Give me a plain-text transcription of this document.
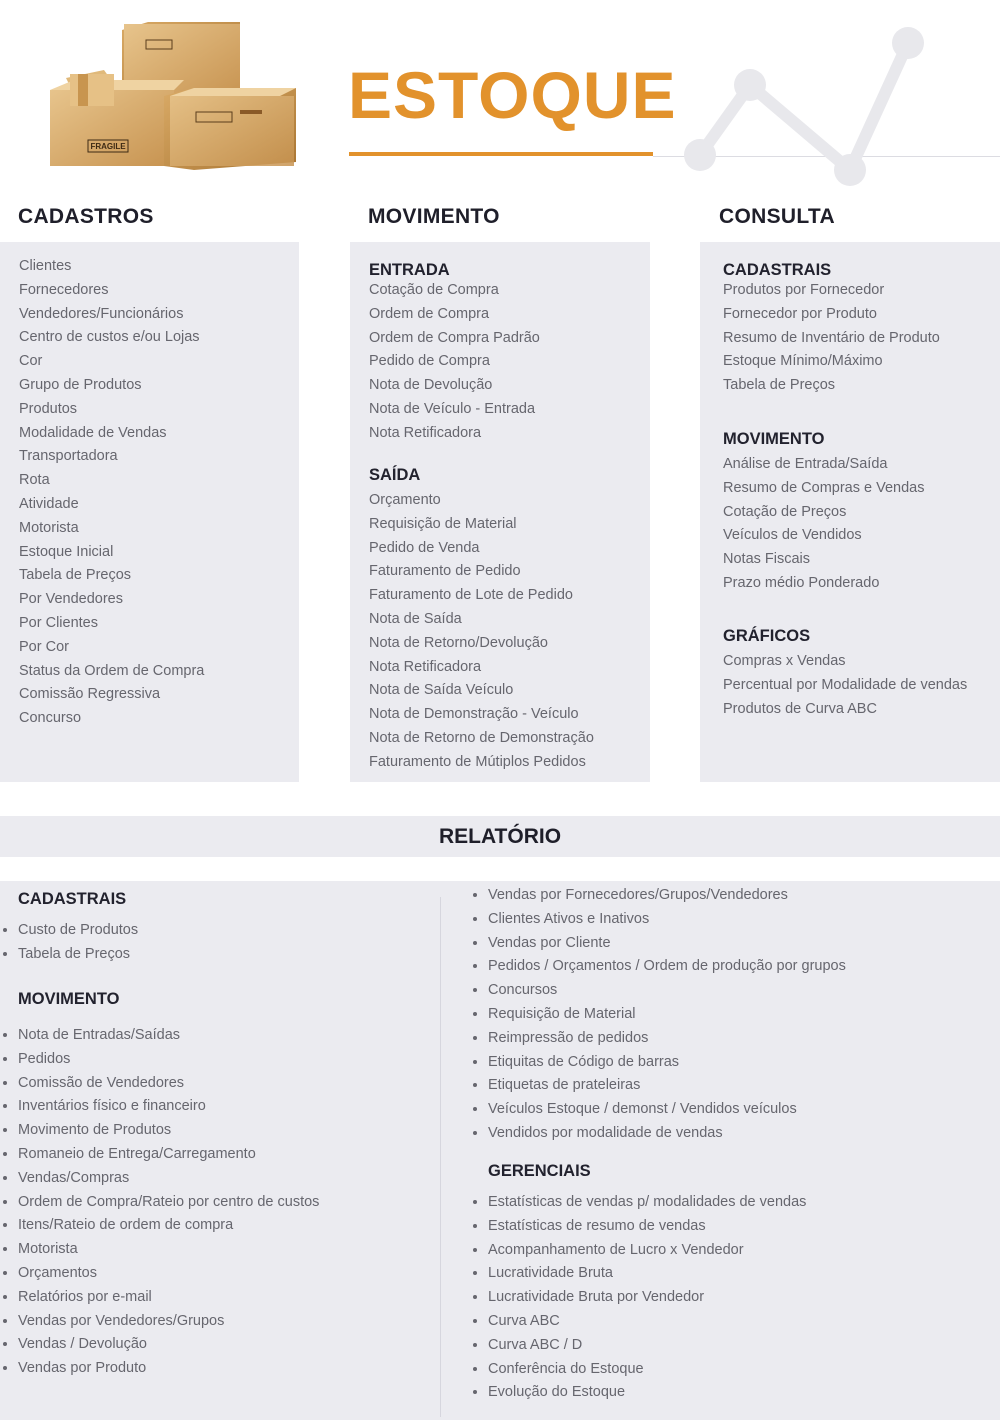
FRAGILE
ESTOQUE
CADASTROS	MOVIMENTO	CONSULTA
Clientes
Fornecedores
Vendedores/Funcionários
Centro de custos e/ou Lojas
Cor
Grupo de Produtos
Produtos
Modalidade de Vendas
Transportadora
Rota
Atividade
Motorista
Estoque Inicial
Tabela de Preços
Por Vendedores
Por Clientes
Por Cor
Status da Ordem de Compra
Comissão Regressiva
Concurso
ENTRADA
Cotação de Compra
Ordem de Compra
Ordem de Compra Padrão
Pedido de Compra
Nota de Devolução
Nota de Veículo - Entrada
Nota Retificadora
SAÍDA
Orçamento
Requisição de Material
Pedido de Venda
Faturamento de Pedido
Faturamento de Lote de Pedido
Nota de Saída
Nota de Retorno/Devolução
Nota Retificadora
Nota de Saída Veículo
Nota de Demonstração - Veículo
Nota de Retorno de Demonstração
Faturamento de Mútiplos Pedidos
CADASTRAIS
Produtos por Fornecedor
Fornecedor por Produto
Resumo de Inventário de Produto
Estoque Mínimo/Máximo
Tabela de Preços
MOVIMENTO
Análise de Entrada/Saída
Resumo de Compras e Vendas
Cotação de Preços
Veículos de Vendidos
Notas Fiscais
Prazo médio Ponderado
GRÁFICOS
Compras x Vendas
Percentual por Modalidade de vendas
Produtos de Curva ABC
RELATÓRIO
CADASTRAIS
• Custo de Produtos
• Tabela de Preços
MOVIMENTO
• Nota de Entradas/Saídas
• Pedidos
• Comissão de Vendedores
• Inventários físico e financeiro
• Movimento de Produtos
• Romaneio de Entrega/Carregamento
• Vendas/Compras
• Ordem de Compra/Rateio por centro de custos
• Itens/Rateio de ordem de compra
• Motorista
• Orçamentos
• Relatórios por e-mail
• Vendas por Vendedores/Grupos
• Vendas / Devolução
• Vendas por Produto
• Vendas por Fornecedores/Grupos/Vendedores
• Clientes Ativos e Inativos
• Vendas por Cliente
• Pedidos / Orçamentos / Ordem de produção por grupos
• Concursos
• Requisição de Material
• Reimpressão de pedidos
• Etiquitas de Código de barras
• Etiquetas de prateleiras
• Veículos Estoque / demonst / Vendidos veículos
• Vendidos por modalidade de vendas
GERENCIAIS
• Estatísticas de vendas p/ modalidades de vendas
• Estatísticas de resumo de vendas
• Acompanhamento de Lucro x Vendedor
• Lucratividade Bruta
• Lucratividade Bruta por Vendedor
• Curva ABC
• Curva ABC / D
• Conferência do Estoque
• Evolução do Estoque
